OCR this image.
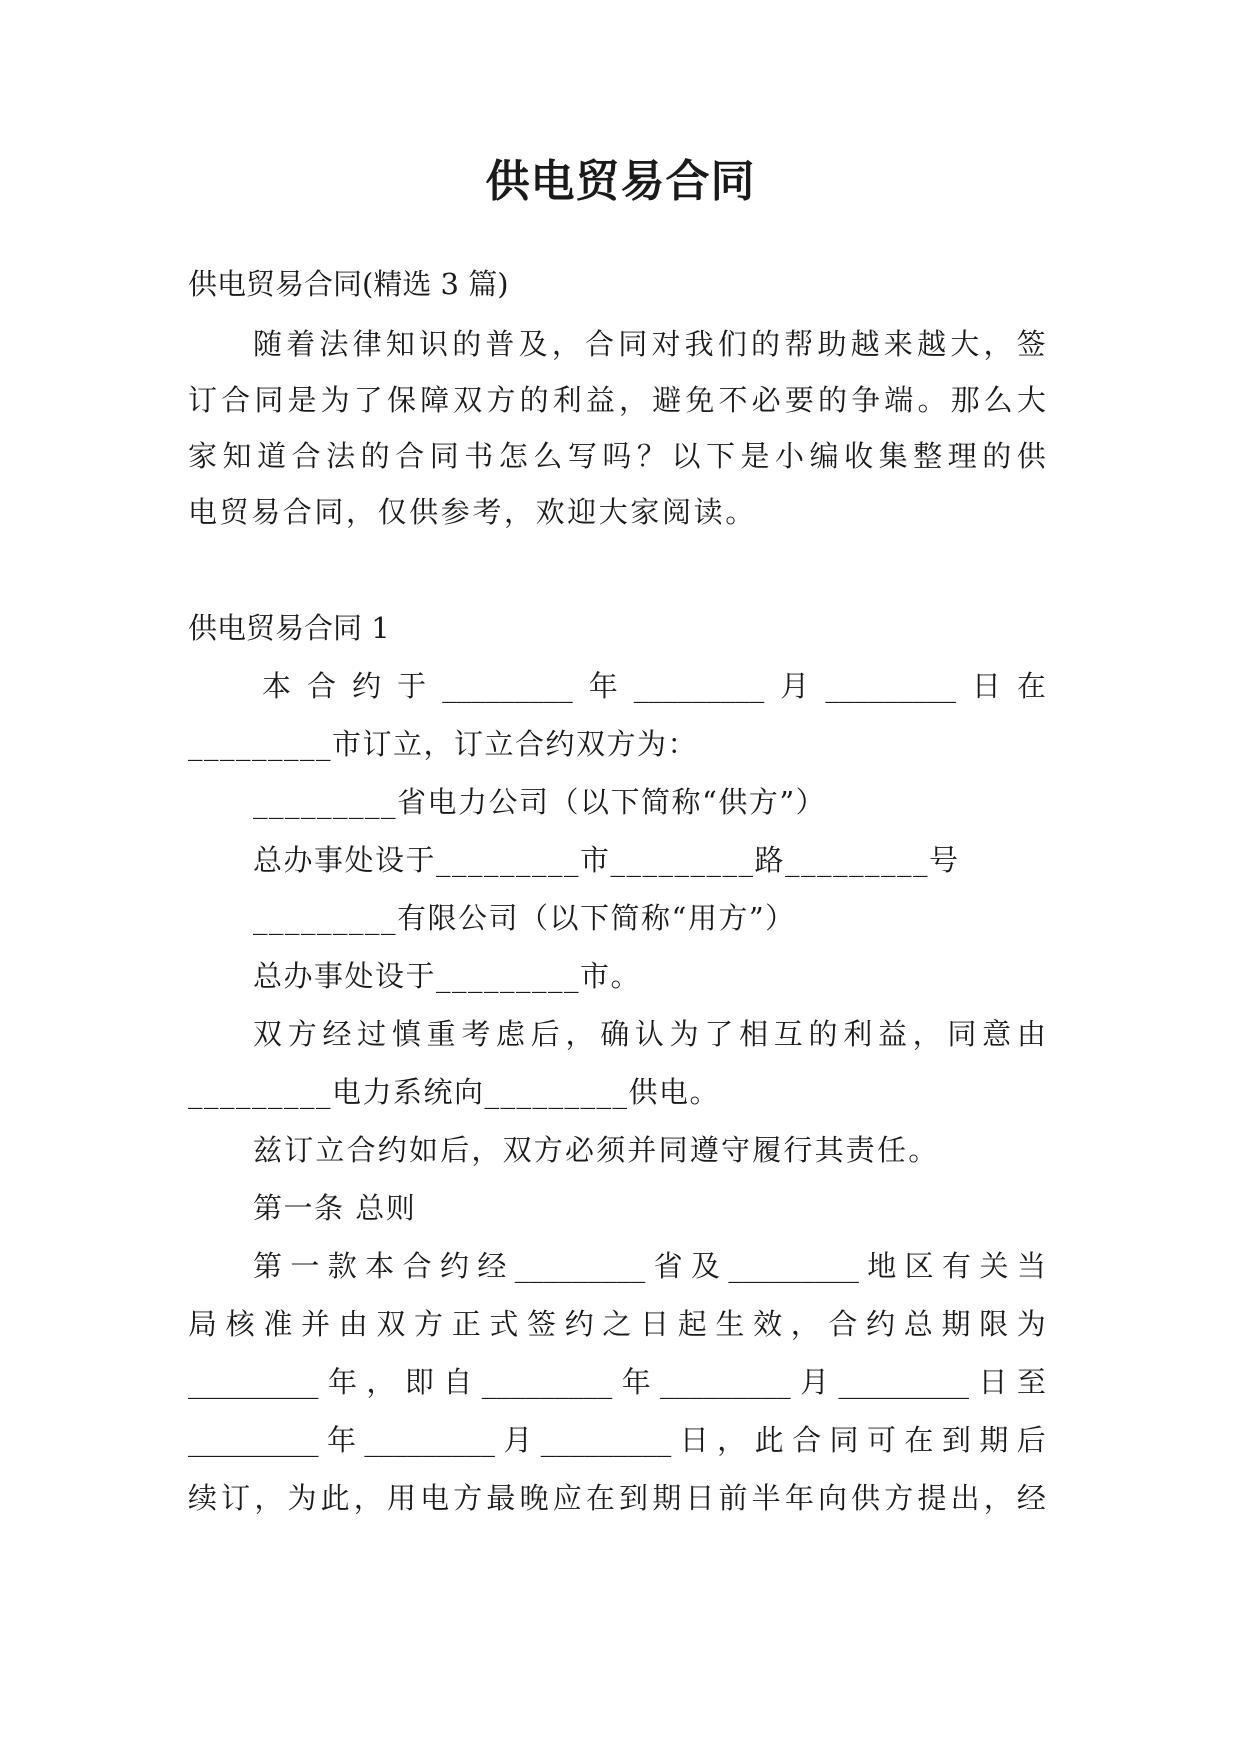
供电贸易合同
供电贸易合同(精选 3 篇)
随 着 法 律 知 识 的 普 及 ， 合 同 对 我 们 的 帮 助 越 来 越 大 ， 签
订 合 同 是 为 了 保 障 双 方 的 利 益 ， 避 免 不 必 要 的 争 端 。 那 么 大
家 知 道 合 法 的 合 同 书 怎 么 写 吗 ？ 以 下 是 小 编 收 集 整 理 的 供
电贸易合同，仅供参考，欢迎大家阅读。
供电贸易合同 1
本 合 约 于 _________ 年 _________ 月 _________ 日 在
_________市订立，订立合约双方为：
_________省电力公司（以下简称“供方”）
总办事处设于_________市_________路_________号
_________有限公司（以下简称“用方”）
总办事处设于_________市。
双 方 经 过 慎 重 考 虑 后 ， 确 认 为 了 相 互 的 利 益 ， 同 意 由
_________电力系统向_________供电。
兹订立合约如后，双方必须并同遵守履行其责任。
第一条 总则
第 一 款 本 合 约 经 _________ 省 及 _________ 地 区 有 关 当
局 核 准 并 由 双 方 正 式 签 约 之 日 起 生 效 ， 合 约 总 期 限 为
_________ 年 ， 即 自 _________ 年 _________ 月 _________ 日 至
_________ 年 _________ 月 _________ 日 ， 此 合 同 可 在 到 期 后
续 订 ， 为 此 ， 用 电 方 最 晚 应 在 到 期 日 前 半 年 向 供 方 提 出 ， 经
